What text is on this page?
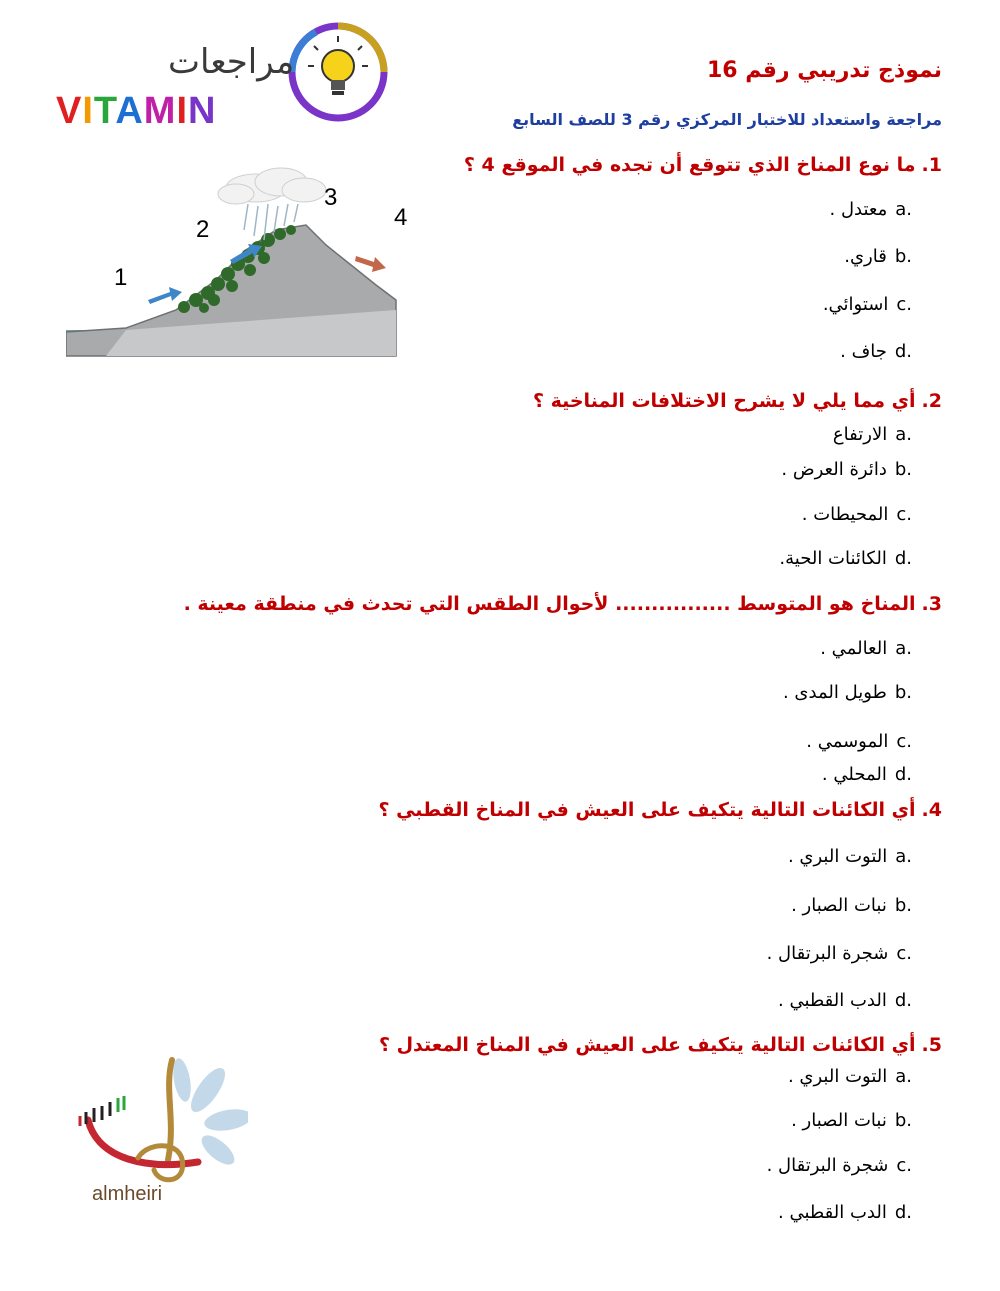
نموذج تدريبي رقم 16
مراجعة واستعداد للاختبار المركزي رقم 3 للصف السابع
مراجعات
VITAMIN
1
2
3
4
1.ما نوع المناخ الذي تتوقع أن تجده في الموقع 4 ؟
a.معتدل .
b.قاري.
c.استوائي.
d.جاف .
2.أي مما يلي لا يشرح الاختلافات المناخية ؟
a.الارتفاع
b.دائرة العرض .
c.المحيطات .
d.الكائنات الحية.
3.المناخ هو المتوسط ................ لأحوال الطقس التي تحدث في منطقة معينة .
a.العالمي .
b.طويل المدى .
c.الموسمي .
d.المحلي .
4.أي الكائنات التالية يتكيف على العيش في المناخ القطبي ؟
a.التوت البري .
b.نبات الصبار .
c.شجرة البرتقال .
d.الدب القطبي .
5.أي الكائنات التالية يتكيف على العيش في المناخ المعتدل ؟
a.التوت البري .
b.نبات الصبار .
c.شجرة البرتقال .
d.الدب القطبي .
almheiri
